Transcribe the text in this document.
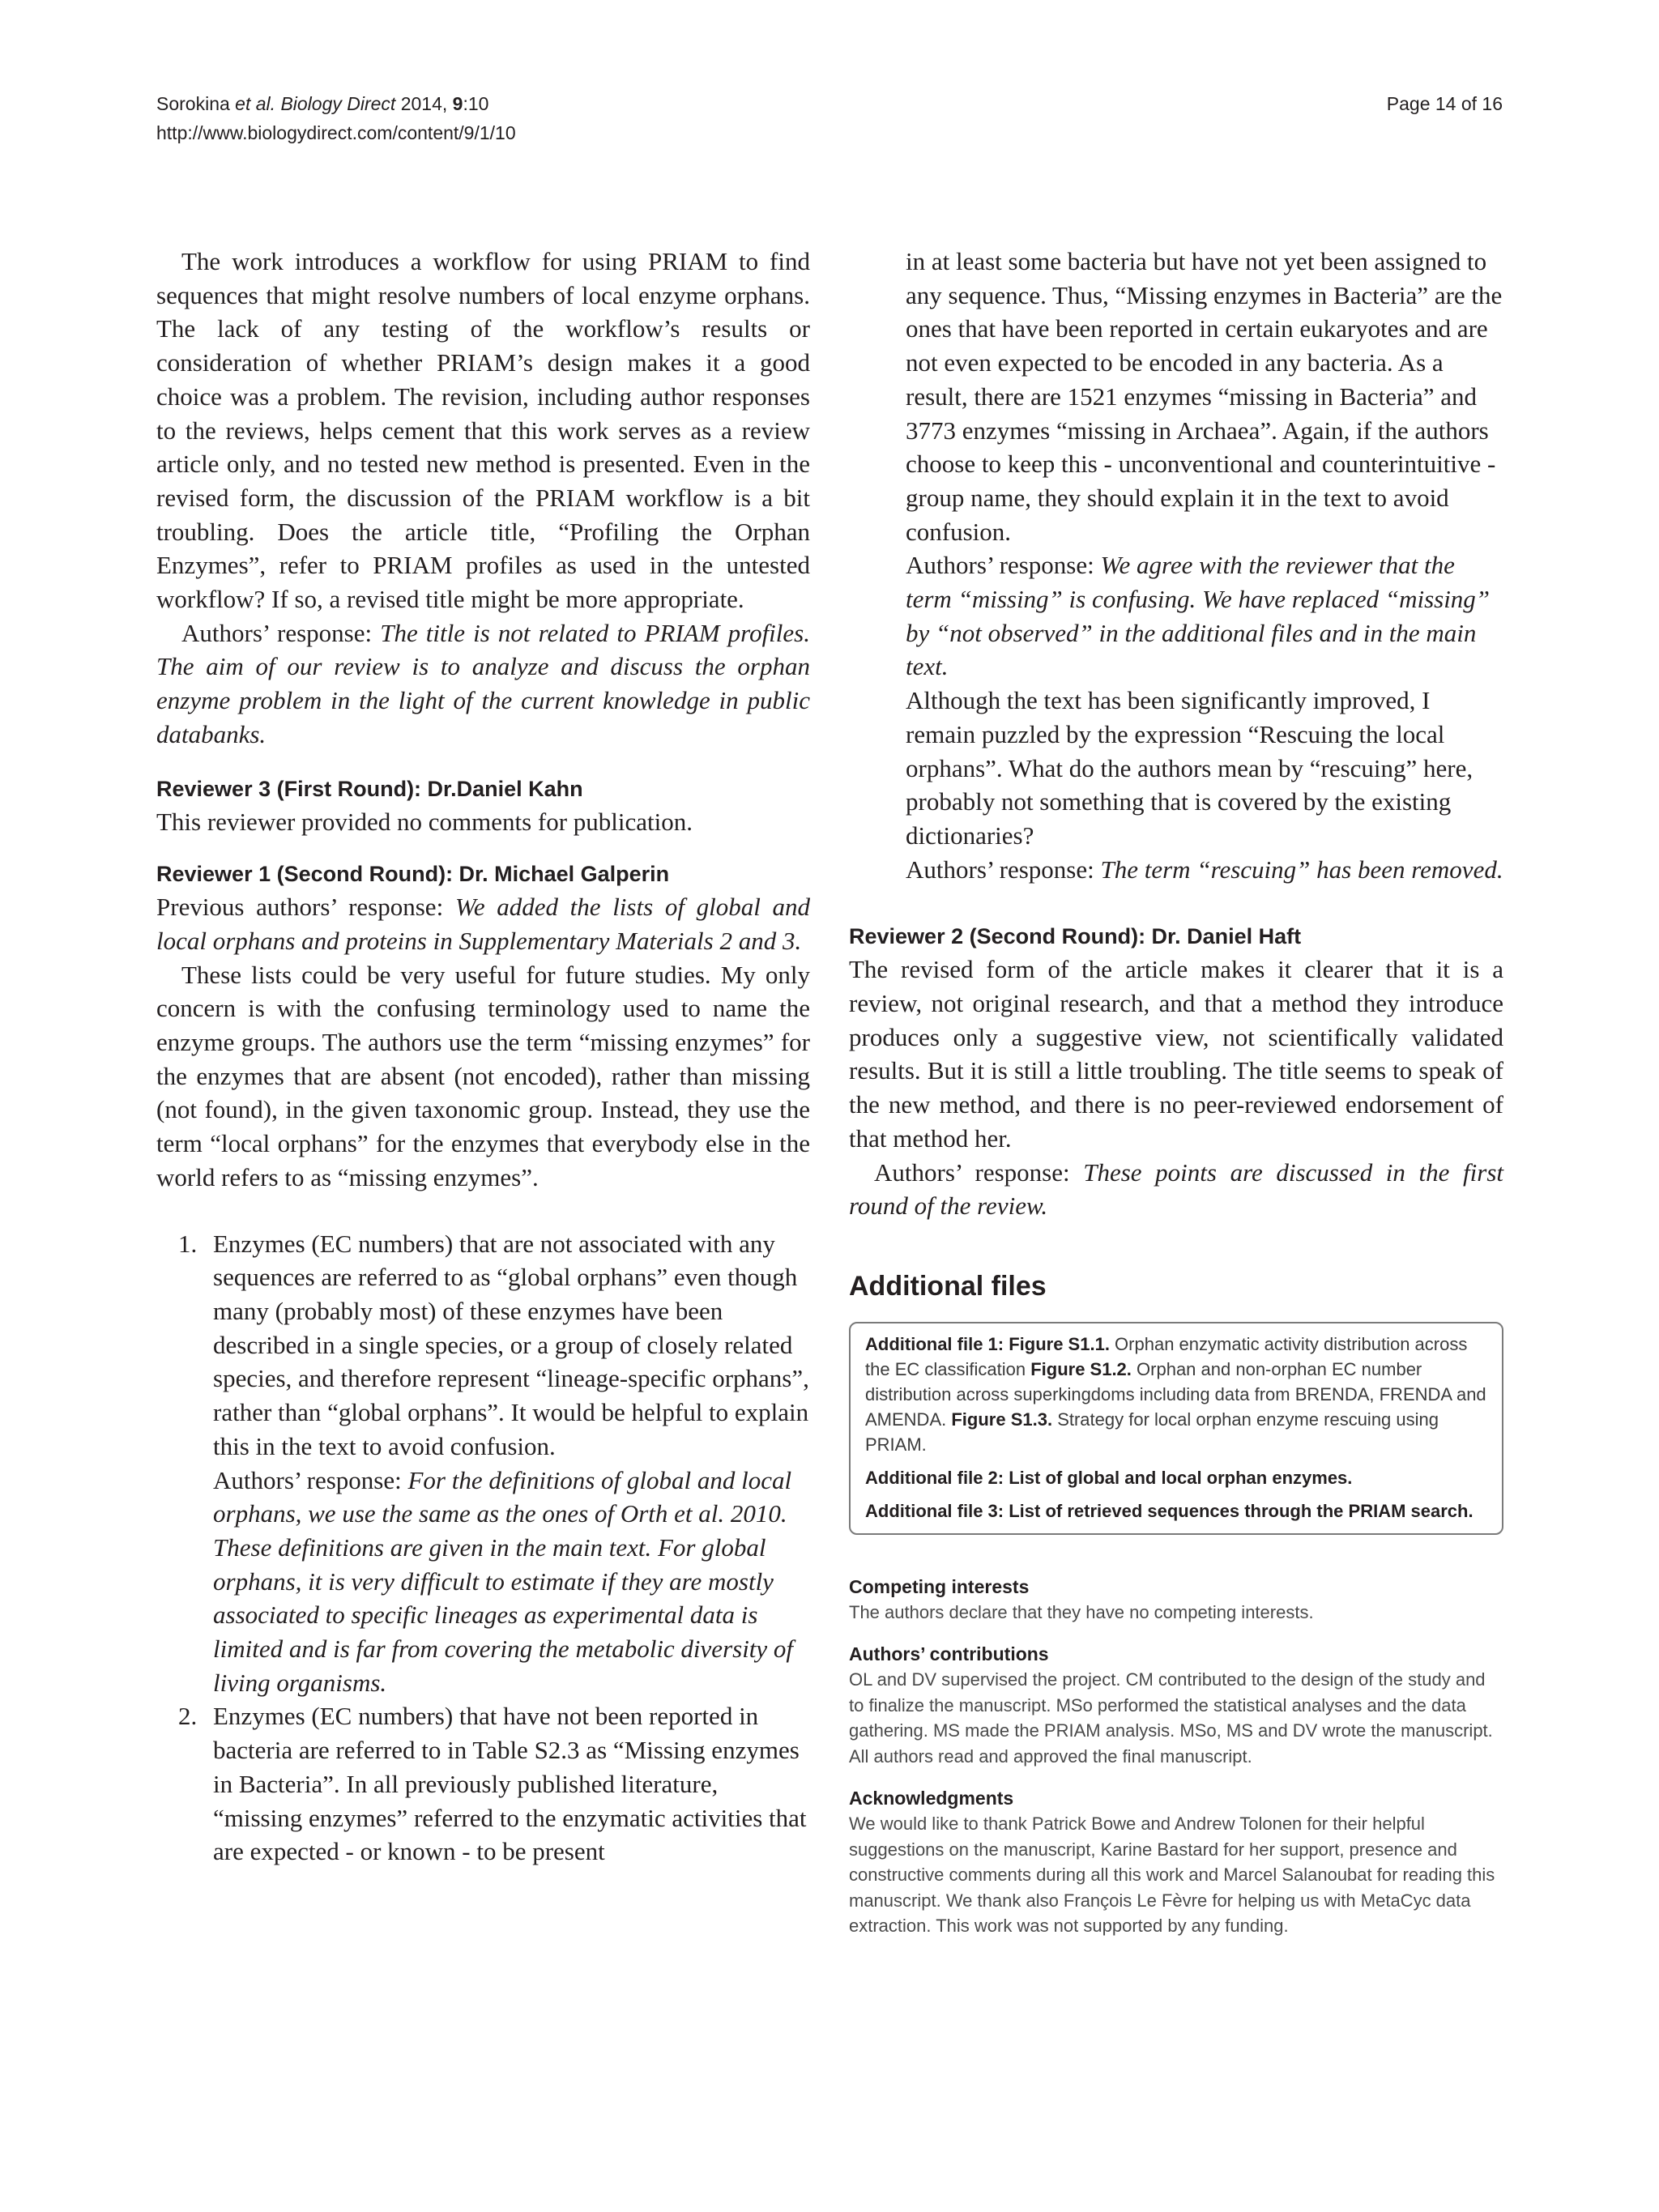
Sorokina et al. Biology Direct 2014, 9:10
http://www.biologydirect.com/content/9/1/10
Page 14 of 16

The work introduces a workflow for using PRIAM to find sequences that might resolve numbers of local enzyme orphans. The lack of any testing of the workflow’s results or consideration of whether PRIAM’s design makes it a good choice was a problem. The revision, including author responses to the reviews, helps cement that this work serves as a review article only, and no tested new method is presented. Even in the revised form, the discussion of the PRIAM workflow is a bit troubling. Does the article title, “Profiling the Orphan Enzymes”, refer to PRIAM profiles as used in the untested workflow? If so, a revised title might be more appropriate.

Authors’ response: The title is not related to PRIAM profiles. The aim of our review is to analyze and discuss the orphan enzyme problem in the light of the current knowledge in public databanks.

Reviewer 3 (First Round): Dr.Daniel Kahn

This reviewer provided no comments for publication.

Reviewer 1 (Second Round): Dr. Michael Galperin

Previous authors’ response: We added the lists of global and local orphans and proteins in Supplementary Materials 2 and 3.

These lists could be very useful for future studies. My only concern is with the confusing terminology used to name the enzyme groups. The authors use the term “missing enzymes” for the enzymes that are absent (not encoded), rather than missing (not found), in the given taxonomic group. Instead, they use the term “local orphans” for the enzymes that everybody else in the world refers to as “missing enzymes”.

1. Enzymes (EC numbers) that are not associated with any sequences are referred to as “global orphans” even though many (probably most) of these enzymes have been described in a single species, or a group of closely related species, and therefore represent “lineage-specific orphans”, rather than “global orphans”. It would be helpful to explain this in the text to avoid confusion.

Authors’ response: For the definitions of global and local orphans, we use the same as the ones of Orth et al. 2010. These definitions are given in the main text. For global orphans, it is very difficult to estimate if they are mostly associated to specific lineages as experimental data is limited and is far from covering the metabolic diversity of living organisms.

2. Enzymes (EC numbers) that have not been reported in bacteria are referred to in Table S2.3 as “Missing enzymes in Bacteria”. In all previously published literature, “missing enzymes” referred to the enzymatic activities that are expected - or known - to be present

in at least some bacteria but have not yet been assigned to any sequence. Thus, “Missing enzymes in Bacteria” are the ones that have been reported in certain eukaryotes and are not even expected to be encoded in any bacteria. As a result, there are 1521 enzymes “missing in Bacteria” and 3773 enzymes “missing in Archaea”. Again, if the authors choose to keep this - unconventional and counterintuitive - group name, they should explain it in the text to avoid confusion.

Authors’ response: We agree with the reviewer that the term “missing” is confusing. We have replaced “missing” by “not observed” in the additional files and in the main text.

Although the text has been significantly improved, I remain puzzled by the expression “Rescuing the local orphans”. What do the authors mean by “rescuing” here, probably not something that is covered by the existing dictionaries?

Authors’ response: The term “rescuing” has been removed.

Reviewer 2 (Second Round): Dr. Daniel Haft

The revised form of the article makes it clearer that it is a review, not original research, and that a method they introduce produces only a suggestive view, not scientifically validated results. But it is still a little troubling. The title seems to speak of the new method, and there is no peer-reviewed endorsement of that method her.

Authors’ response: These points are discussed in the first round of the review.

Additional files

Additional file 1: Figure S1.1. Orphan enzymatic activity distribution across the EC classification Figure S1.2. Orphan and non-orphan EC number distribution across superkingdoms including data from BRENDA, FRENDA and AMENDA. Figure S1.3. Strategy for local orphan enzyme rescuing using PRIAM.

Additional file 2: List of global and local orphan enzymes.

Additional file 3: List of retrieved sequences through the PRIAM search.

Competing interests

The authors declare that they have no competing interests.

Authors’ contributions

OL and DV supervised the project. CM contributed to the design of the study and to finalize the manuscript. MSo performed the statistical analyses and the data gathering. MS made the PRIAM analysis. MSo, MS and DV wrote the manuscript. All authors read and approved the final manuscript.

Acknowledgments

We would like to thank Patrick Bowe and Andrew Tolonen for their helpful suggestions on the manuscript, Karine Bastard for her support, presence and constructive comments during all this work and Marcel Salanoubat for reading this manuscript. We thank also François Le Fèvre for helping us with MetaCyc data extraction. This work was not supported by any funding.
